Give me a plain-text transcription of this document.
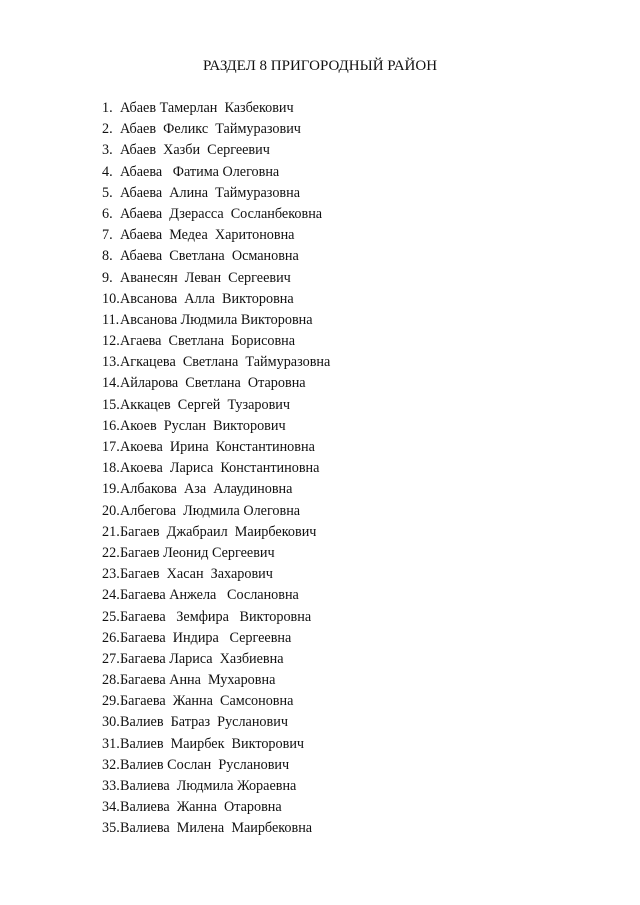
РАЗДЕЛ 8 ПРИГОРОДНЫЙ РАЙОН
1. Абаев Тамерлан  Казбекович
2. Абаев  Феликс  Таймуразович
3. Абаев  Хазби  Сергеевич
4. Абаева   Фатима Олеговна
5. Абаева  Алина  Таймуразовна
6. Абаева  Дзерасса  Сосланбековна
7. Абаева  Медеа  Харитоновна
8. Абаева  Светлана  Османовна
9. Аванесян  Леван  Сергеевич
10.Авсанова  Алла  Викторовна
11.Авсанова Людмила Викторовна
12.Агаева  Светлана  Борисовна
13.Агкацева  Светлана  Таймуразовна
14.Айларова  Светлана  Отаровна
15.Аккацев  Сергей  Тузарович
16.Акоев  Руслан  Викторович
17.Акоева  Ирина  Константиновна
18.Акоева  Лариса  Константиновна
19.Албакова  Аза  Алаудиновна
20.Албегова  Людмила Олеговна
21.Багаев  Джабраил  Маирбекович
22.Багаев Леонид Сергеевич
23.Багаев  Хасан  Захарович
24.Багаева Анжела   Сослановна
25.Багаева   Земфира   Викторовна
26.Багаева  Индира   Сергеевна
27.Багаева Лариса  Хазбиевна
28.Багаева Анна  Мухаровна
29.Багаева  Жанна  Самсоновна
30.Валиев  Батраз  Русланович
31.Валиев  Маирбек  Викторович
32.Валиев Сослан  Русланович
33.Валиева  Людмила Жораевна
34.Валиева  Жанна  Отаровна
35.Валиева  Милена  Маирбековна
